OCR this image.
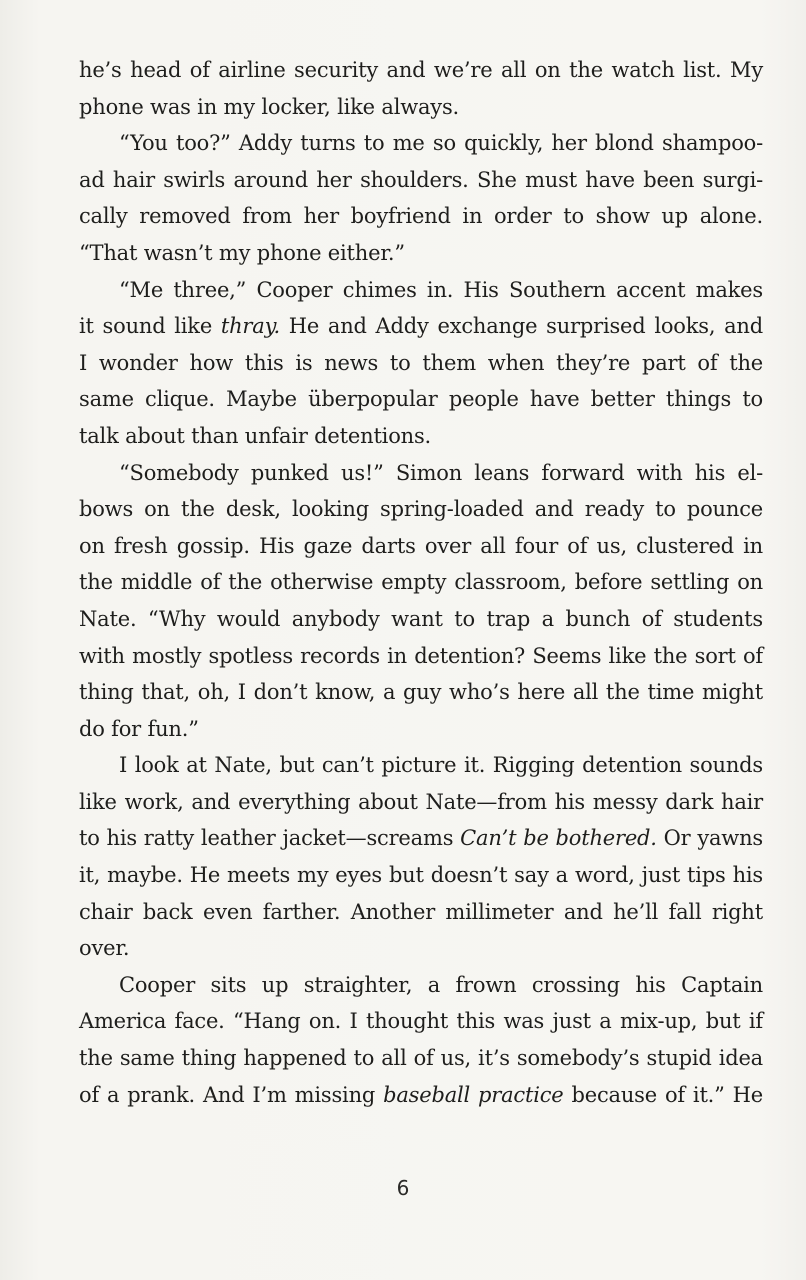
he’s head of airline security and we’re all on the watch list. My
phone was in my locker, like always.
“You too?” Addy turns to me so quickly, her blond shampoo-
ad hair swirls around her shoulders. She must have been surgi-
cally removed from her boyfriend in order to show up alone.
“That wasn’t my phone either.”
“Me three,” Cooper chimes in. His Southern accent makes
it sound like thray. He and Addy exchange surprised looks, and
I wonder how this is news to them when they’re part of the
same clique. Maybe überpopular people have better things to
talk about than unfair detentions.
“Somebody punked us!” Simon leans forward with his el-
bows on the desk, looking spring-loaded and ready to pounce
on fresh gossip. His gaze darts over all four of us, clustered in
the middle of the otherwise empty classroom, before settling on
Nate. “Why would anybody want to trap a bunch of students
with mostly spotless records in detention? Seems like the sort of
thing that, oh, I don’t know, a guy who’s here all the time might
do for fun.”
I look at Nate, but can’t picture it. Rigging detention sounds
like work, and everything about Nate—from his messy dark hair
to his ratty leather jacket—screams Can’t be bothered. Or yawns
it, maybe. He meets my eyes but doesn’t say a word, just tips his
chair back even farther. Another millimeter and he’ll fall right
over.
Cooper sits up straighter, a frown crossing his Captain
America face. “Hang on. I thought this was just a mix-up, but if
the same thing happened to all of us, it’s somebody’s stupid idea
of a prank. And I’m missing baseball practice because of it.” He
6
